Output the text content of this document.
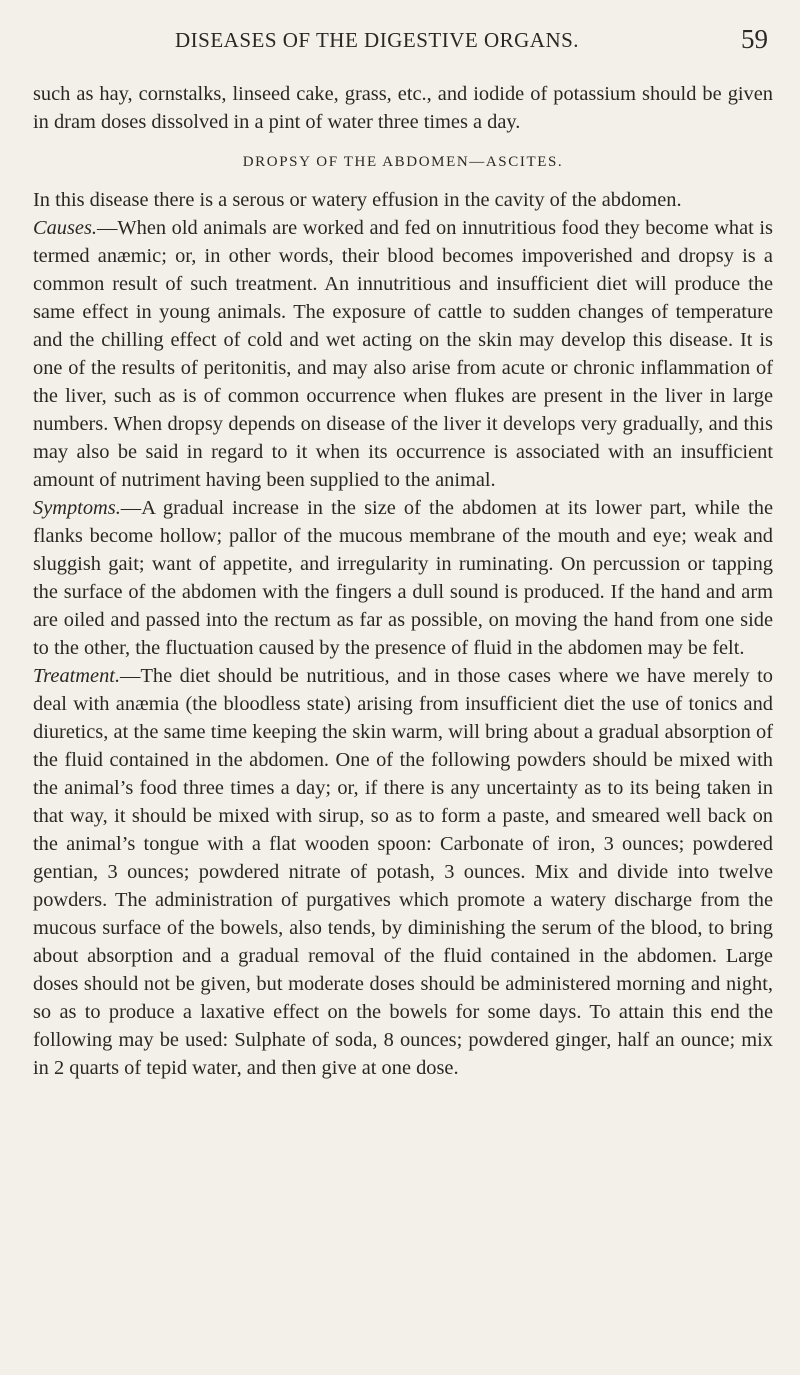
DISEASES OF THE DIGESTIVE ORGANS.	59

such as hay, cornstalks, linseed cake, grass, etc., and iodide of potassium should be given in dram doses dissolved in a pint of water three times a day.

DROPSY OF THE ABDOMEN—ASCITES.

In this disease there is a serous or watery effusion in the cavity of the abdomen.

Causes.—When old animals are worked and fed on innutritious food they become what is termed anæmic; or, in other words, their blood becomes impoverished and dropsy is a common result of such treatment. An innutritious and insufficient diet will produce the same effect in young animals. The exposure of cattle to sudden changes of temperature and the chilling effect of cold and wet acting on the skin may develop this disease. It is one of the results of peritonitis, and may also arise from acute or chronic inflammation of the liver, such as is of common occurrence when flukes are present in the liver in large numbers. When dropsy depends on disease of the liver it develops very gradually, and this may also be said in regard to it when its occurrence is associated with an insufficient amount of nutriment having been supplied to the animal.

Symptoms.—A gradual increase in the size of the abdomen at its lower part, while the flanks become hollow; pallor of the mucous membrane of the mouth and eye; weak and sluggish gait; want of appetite, and irregularity in ruminating. On percussion or tapping the surface of the abdomen with the fingers a dull sound is produced. If the hand and arm are oiled and passed into the rectum as far as possible, on moving the hand from one side to the other, the fluctuation caused by the presence of fluid in the abdomen may be felt.

Treatment.—The diet should be nutritious, and in those cases where we have merely to deal with anæmia (the bloodless state) arising from insufficient diet the use of tonics and diuretics, at the same time keeping the skin warm, will bring about a gradual absorption of the fluid contained in the abdomen. One of the following powders should be mixed with the animal’s food three times a day; or, if there is any uncertainty as to its being taken in that way, it should be mixed with sirup, so as to form a paste, and smeared well back on the animal’s tongue with a flat wooden spoon: Carbonate of iron, 3 ounces; powdered gentian, 3 ounces; powdered nitrate of potash, 3 ounces. Mix and divide into twelve powders. The administration of purgatives which promote a watery discharge from the mucous surface of the bowels, also tends, by diminishing the serum of the blood, to bring about absorption and a gradual removal of the fluid contained in the abdomen. Large doses should not be given, but moderate doses should be administered morning and night, so as to produce a laxative effect on the bowels for some days. To attain this end the following may be used: Sulphate of soda, 8 ounces; powdered ginger, half an ounce; mix in 2 quarts of tepid water, and then give at one dose.
